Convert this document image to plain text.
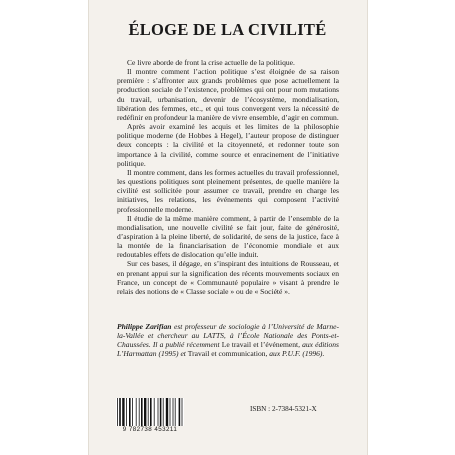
ÉLOGE DE LA CIVILITÉ

Ce livre aborde de front la crise actuelle de la politique.

Il montre comment l’action politique s’est éloignée de sa raison première : s’affronter aux grands problèmes que pose actuellement la production sociale de l’existence, problèmes qui ont pour nom mutations du travail, urbanisation, devenir de l’écosystème, mondialisation, libération des femmes, etc., et qui tous convergent vers la nécessité de redéfinir en profondeur la manière de vivre ensemble, d’agir en commun.

Après avoir examiné les acquis et les limites de la philosophie politique moderne (de Hobbes à Hegel), l’auteur propose de distinguer deux concepts : la civilité et la citoyenneté, et redonner toute son importance à la civilité, comme source et enracinement de l’initiative politique.

Il montre comment, dans les formes actuelles du travail professionnel, les questions politiques sont pleinement présentes, de quelle manière la civilité est sollicitée pour assumer ce travail, prendre en charge les initiatives, les relations, les événements qui composent l’activité professionnelle moderne.

Il étudie de la même manière comment, à partir de l’ensemble de la mondialisation, une nouvelle civilité se fait jour, faite de générosité, d’aspiration à la pleine liberté, de solidarité, de sens de la justice, face à la montée de la financiarisation de l’économie mondiale et aux redoutables effets de dislocation qu’elle induit.

Sur ces bases, il dégage, en s’inspirant des intuitions de Rousseau, et en prenant appui sur la signification des récents mouvements sociaux en France, un concept de « Communauté populaire » visant à prendre le relais des notions de « Classe sociale » ou de « Société ».

Philippe Zarifian est professeur de sociologie à l’Université de Marne-la-Vallée et chercheur au LATTS, à l’École Nationale des Ponts-et-Chaussées. Il a publié récemment Le travail et l’événement, aux éditions L’Harmattan (1995) et Travail et communication, aux P.U.F. (1996).
9 782738 453211
ISBN : 2-7384-5321-X
